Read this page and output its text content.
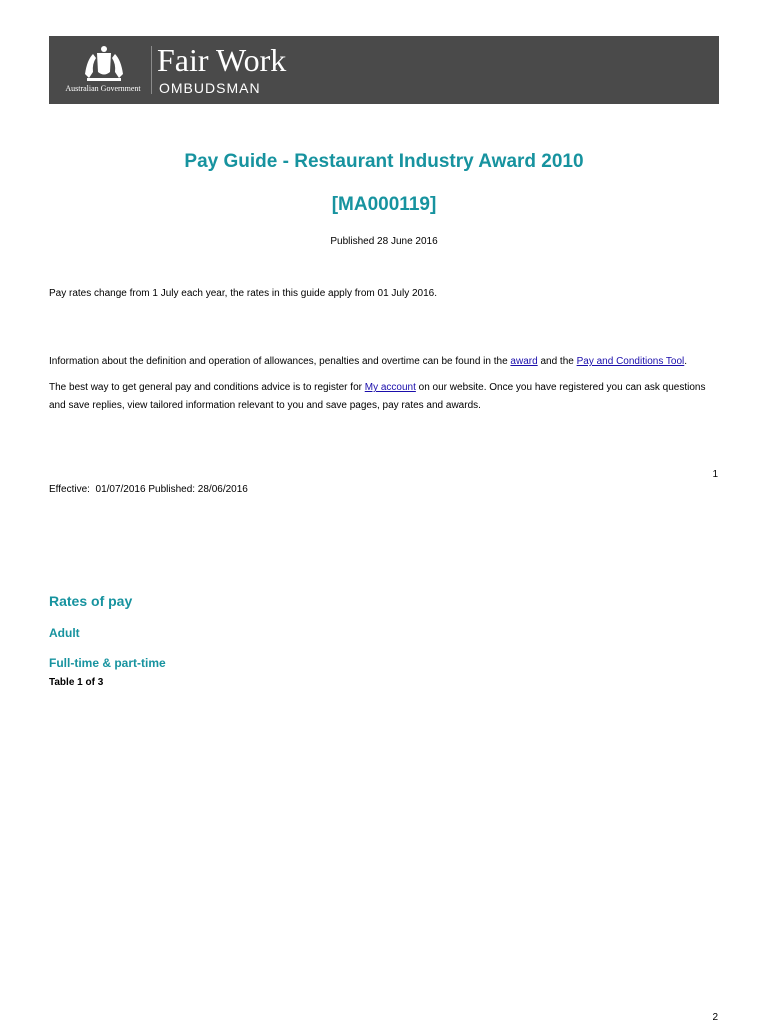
Australian Government
Fair Work
OMBUDSMAN
Pay Guide - Restaurant Industry Award 2010
[MA000119]
Published 28 June 2016

Pay rates change from 1 July each year, the rates in this guide apply from 01 July 2016.

Information about the definition and operation of allowances, penalties and overtime can be found in the award and the Pay and Conditions Tool.

The best way to get general pay and conditions advice is to register for My account on our website. Once you have registered you can ask questions and save replies, view tailored information relevant to you and save pages, pay rates and awards.

1
Effective:  01/07/2016 Published: 28/06/2016
Rates of pay
Adult
Full-time & part-time
Table 1 of 3
2
